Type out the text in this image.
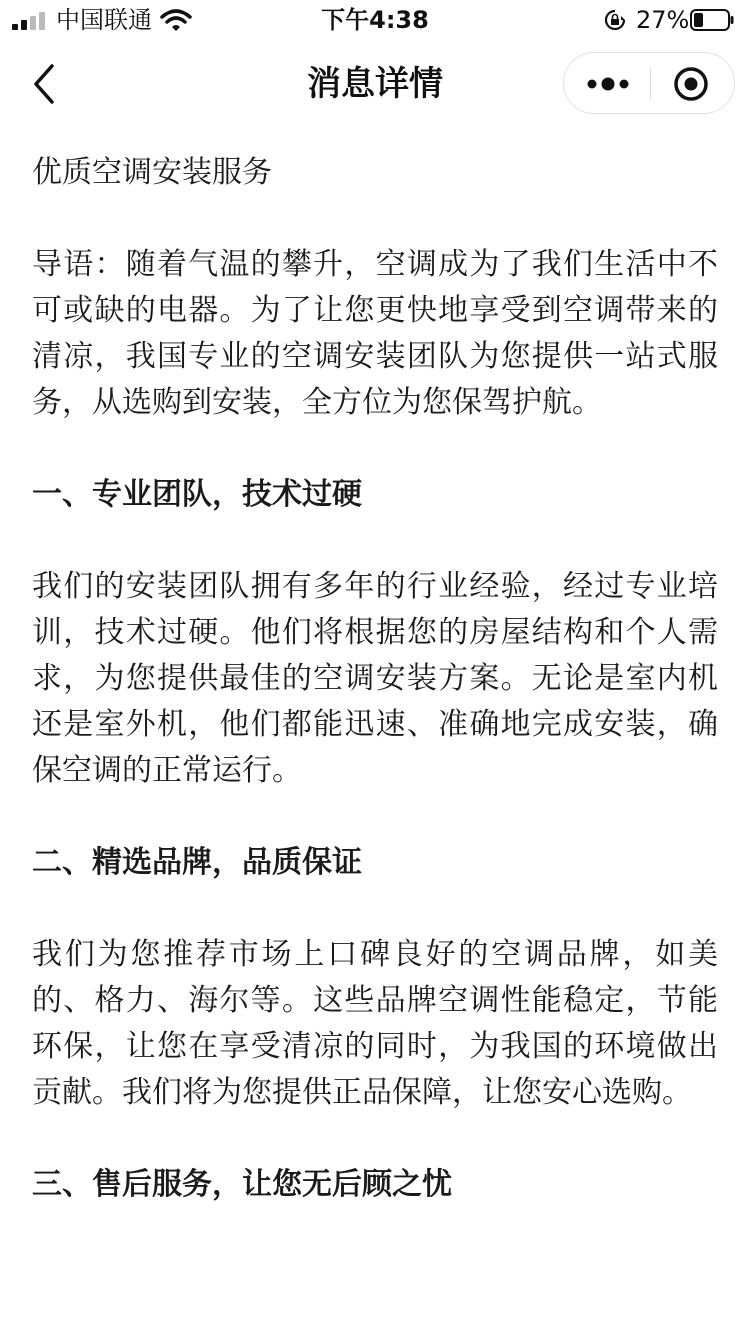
中国联通	下午4:38	27%
消息详情

优质空调安装服务

导语：随着气温的攀升，空调成为了我们生活中不可或缺的电器。为了让您更快地享受到空调带来的清凉，我国专业的空调安装团队为您提供一站式服务，从选购到安装，全方位为您保驾护航。

一、专业团队，技术过硬

我们的安装团队拥有多年的行业经验，经过专业培训，技术过硬。他们将根据您的房屋结构和个人需求，为您提供最佳的空调安装方案。无论是室内机还是室外机，他们都能迅速、准确地完成安装，确保空调的正常运行。

二、精选品牌，品质保证

我们为您推荐市场上口碑良好的空调品牌，如美的、格力、海尔等。这些品牌空调性能稳定，节能环保，让您在享受清凉的同时，为我国的环境做出贡献。我们将为您提供正品保障，让您安心选购。

三、售后服务，让您无后顾之忧
